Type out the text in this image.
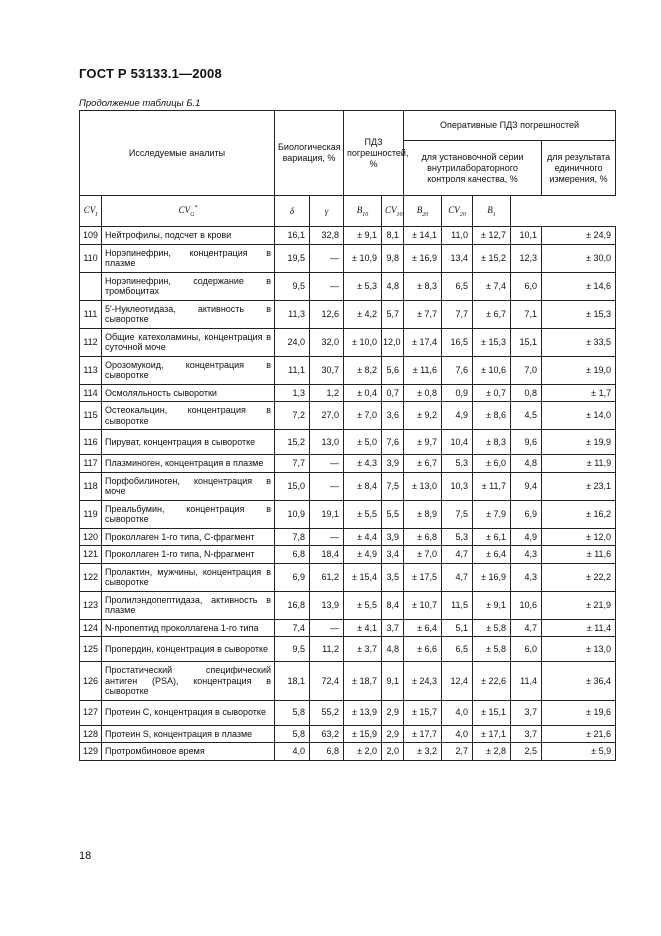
ГОСТ Р 53133.1—2008
Продолжение таблицы Б.1
Исследуемые аналиты		Биологическая вариация, %		ПДЗ погрешностей, %		Оперативные ПДЗ погрешностей				
						для установочной серии внутрилабораторного контроля качества, %				для результата единичного измерения, %

$CV_I$	$CV_G^*$	δ	γ	$B_{10}$	$CV_{10}$	$B_{20}$	$CV_{20}$	$B_1$
109	Нейтрофилы, подсчет в крови	16,1	32,8	± 9,1	8,1	± 14,1	11,0	± 12,7	10,1	± 24,9
110	Норэпинефрин, концентрация в плазме	19,5	—	± 10,9	9,8	± 16,9	13,4	± 15,2	12,3	± 30,0
	Норэпинефрин, содержание в тромбоцитах	9,5	—	± 5,3	4,8	± 8,3	6,5	± 7,4	6,0	± 14,6
111	5′-Нуклеотидаза, активность в сыворотке	11,3	12,6	± 4,2	5,7	± 7,7	7,7	± 6,7	7,1	± 15,3
112	Общие катехоламины, концентрация в суточной моче	24,0	32,0	± 10,0	12,0	± 17,4	16,5	± 15,3	15,1	± 33,5
113	Орозомукоид, концентрация в сыворотке	11,1	30,7	± 8,2	5,6	± 11,6	7,6	± 10,6	7,0	± 19,0
114	Осмоляльность сыворотки	1,3	1,2	± 0,4	0,7	± 0,8	0,9	± 0,7	0,8	± 1,7
115	Остеокальцин, концентрация в сыворотке	7,2	27,0	± 7,0	3,6	± 9,2	4,9	± 8,6	4,5	± 14,0
116	Пируват, концентрация в сыворотке	15,2	13,0	± 5,0	7,6	± 9,7	10,4	± 8,3	9,6	± 19,9
117	Плазминоген, концентрация в плазме	7,7	—	± 4,3	3,9	± 6,7	5,3	± 6,0	4,8	± 11,9
118	Порфобилиноген, концентрация в моче	15,0	—	± 8,4	7,5	± 13,0	10,3	± 11,7	9,4	± 23,1
119	Преальбумин, концентрация в сыворотке	10,9	19,1	± 5,5	5,5	± 8,9	7,5	± 7,9	6,9	± 16,2
120	Проколлаген 1-го типа, С-фрагмент	7,8	—	± 4,4	3,9	± 6,8	5,3	± 6,1	4,9	± 12,0
121	Проколлаген 1-го типа, N-фрагмент	6,8	18,4	± 4,9	3,4	± 7,0	4,7	± 6,4	4,3	± 11,6
122	Пролактин, мужчины, концентрация в сыворотке	6,9	61,2	± 15,4	3,5	± 17,5	4,7	± 16,9	4,3	± 22,2
123	Пролилэндопептидаза, активность в плазме	16,8	13,9	± 5,5	8,4	± 10,7	11,5	± 9,1	10,6	± 21,9
124	N-пропептид проколлагена 1-го типа	7,4	—	± 4,1	3,7	± 6,4	5,1	± 5,8	4,7	± 11,4
125	Пропердин, концентрация в сыворотке	9,5	11,2	± 3,7	4,8	± 6,6	6,5	± 5,8	6,0	± 13,0
126	Простатический специфический антиген (PSA), концентрация в сыворотке	18,1	72,4	± 18,7	9,1	± 24,3	12,4	± 22,6	11,4	± 36,4
127	Протеин С, концентрация в сыворотке	5,8	55,2	± 13,9	2,9	± 15,7	4,0	± 15,1	3,7	± 19,6
128	Протеин S, концентрация в плазме	5,8	63,2	± 15,9	2,9	± 17,7	4,0	± 17,1	3,7	± 21,6
129	Протромбиновое время	4,0	6,8	± 2,0	2,0	± 3,2	2,7	± 2,8	2,5	± 5,9
18
